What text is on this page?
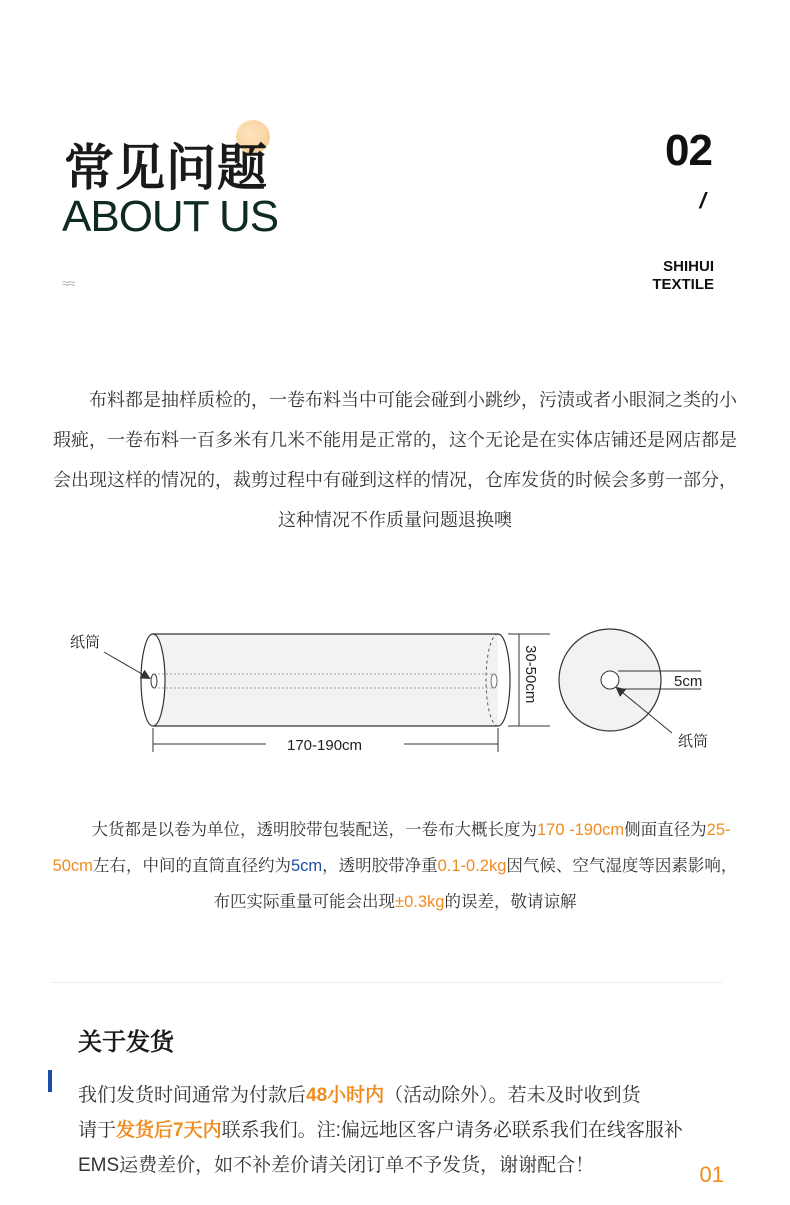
常见问题
ABOUT US
≈≈
02
/
SHIHUI
TEXTILE
布料都是抽样质检的，一卷布料当中可能会碰到小跳纱，污渍或者小眼洞之类的小瑕疵，一卷布料一百多米有几米不能用是正常的，这个无论是在实体店铺还是网店都是会出现这样的情况的，裁剪过程中有碰到这样的情况，仓库发货的时候会多剪一部分，这种情况不作质量问题退换噢
纸筒
170-190cm
30-50cm	5cm
纸筒
大货都是以卷为单位，透明胶带包装配送，一卷布大概长度为170 -190cm侧面直径为25-50cm左右，中间的直筒直径约为5cm，透明胶带净重0.1-0.2kg因气候、空气湿度等因素影响，布匹实际重量可能会出现±0.3kg的误差，敬请谅解
关于发货
我们发货时间通常为付款后48小时内（活动除外）。若未及时收到货
请于发货后7天内联系我们。注:偏远地区客户请务必联系我们在线客服补EMS运费差价，如不补差价请关闭订单不予发货，谢谢配合！	01
